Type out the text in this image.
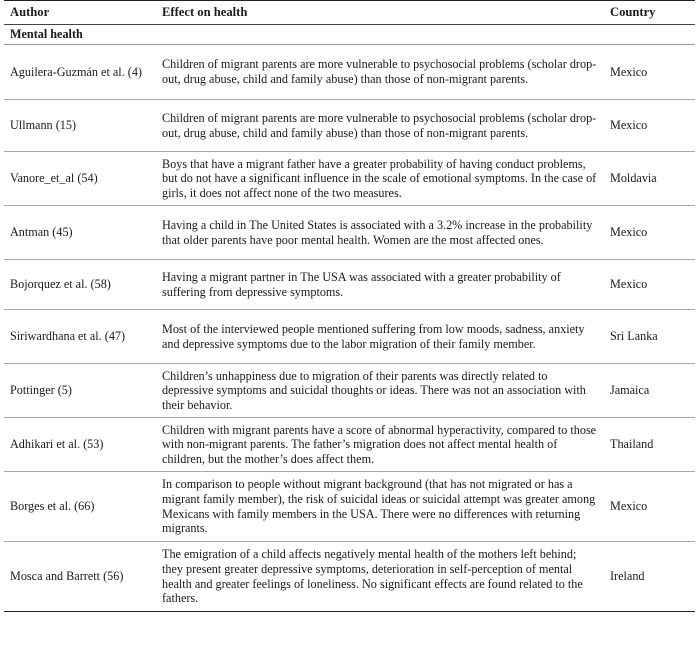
Author	Effect on health	Country
Mental health		
Aguilera-Guzmán et al. (4)	Children of migrant parents are more vulnerable to psychosocial problems (scholar drop-out, drug abuse, child and family abuse) than those of non-migrant parents.	Mexico
Ullmann (15)	Children of migrant parents are more vulnerable to psychosocial problems (scholar drop-out, drug abuse, child and family abuse) than those of non-migrant parents.	Mexico
Vanore_et_al (54)	Boys that have a migrant father have a greater probability of having conduct problems, but do not have a significant influence in the scale of emotional symptoms. In the case of girls, it does not affect none of the two measures.	Moldavia
Antman (45)	Having a child in The United States is associated with a 3.2% increase in the probability that older parents have poor mental health. Women are the most affected ones.	Mexico
Bojorquez et al. (58)	Having a migrant partner in The USA was associated with a greater probability of suffering from depressive symptoms.	Mexico
Siriwardhana et al. (47)	Most of the interviewed people mentioned suffering from low moods, sadness, anxiety and depressive symptoms due to the labor migration of their family member.	Sri Lanka
Pottinger (5)	Children’s unhappiness due to migration of their parents was directly related to depressive symptoms and suicidal thoughts or ideas. There was not an association with their behavior.	Jamaica
Adhikari et al. (53)	Children with migrant parents have a score of abnormal hyperactivity, compared to those with non-migrant parents. The father’s migration does not affect mental health of children, but the mother’s does affect them.	Thailand
Borges et al. (66)	In comparison to people without migrant background (that has not migrated or has a migrant family member), the risk of suicidal ideas or suicidal attempt was greater among Mexicans with family members in the USA. There were no differences with returning migrants.	Mexico
Mosca and Barrett (56)	The emigration of a child affects negatively mental health of the mothers left behind; they present greater depressive symptoms, deterioration in self-perception of mental health and greater feelings of loneliness. No significant effects are found related to the fathers.	Ireland
